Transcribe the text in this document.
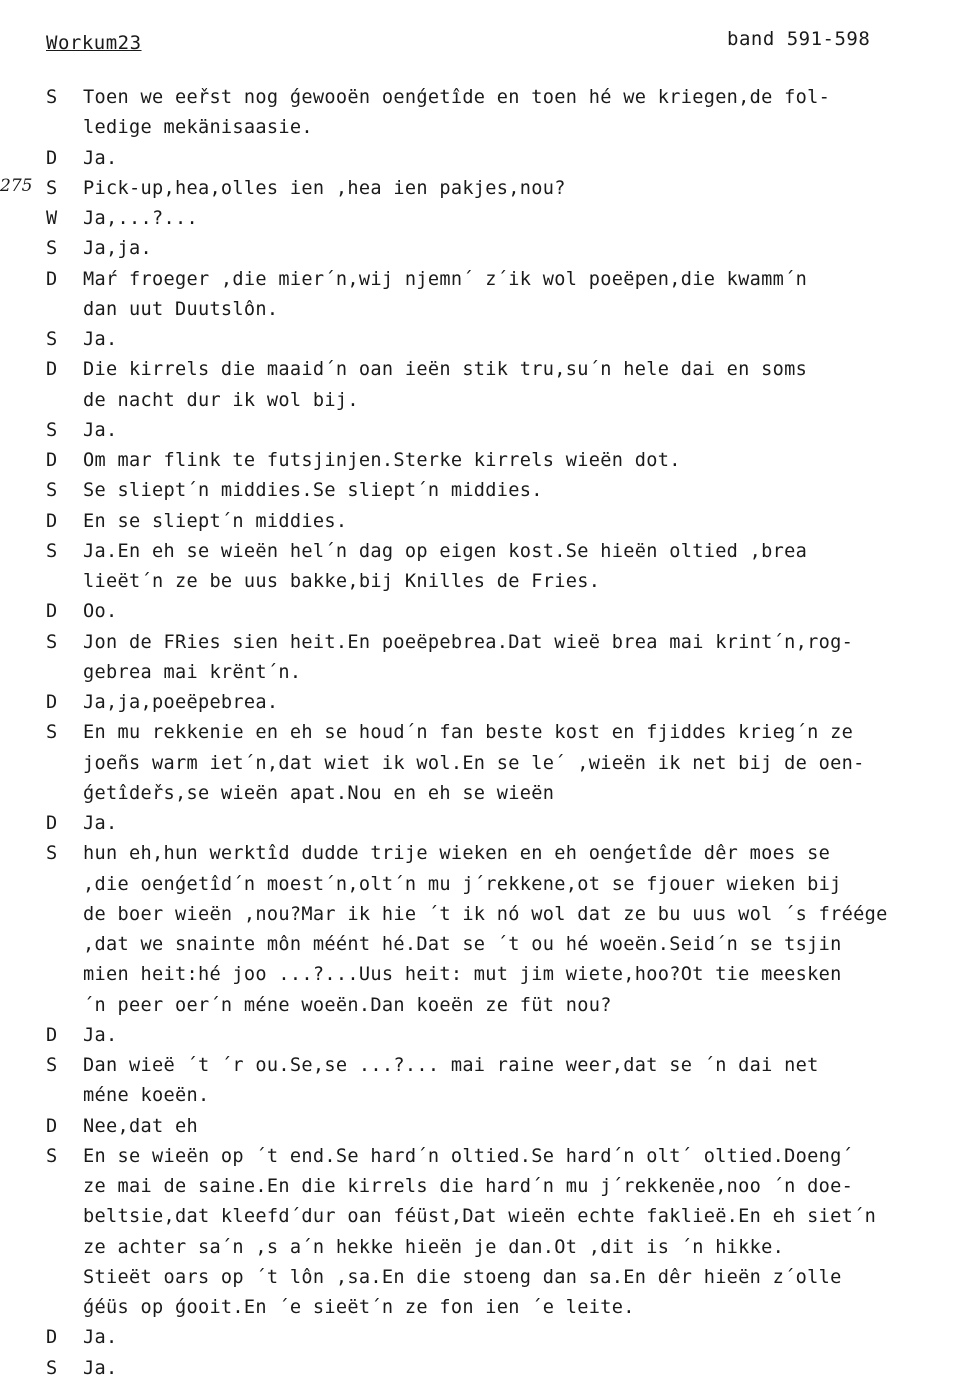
Workum23	band 591-598
275
S	Toen we eeřst nog ǵewooën oenǵetîde en toen hé we kriegen,de fol-
ledige mekänisaasie.
D	Ja.
S	Pick-up,hea,olles ien ,hea ien pakjes,nou?
W	Ja,...?...
S	Ja,ja.
D	Maŕ froeger ,die mier´n,wij njemn´ z´ik wol poeëpen,die kwamm´n
dan uut Duutslôn.
S	Ja.
D	Die kirrels die maaid´n oan ieën stik tru,su´n hele dai en soms
de nacht dur ik wol bij.
S	Ja.
D	Om mar flink te futsjinjen.Sterke kirrels wieën dot.
S	Se sliept´n middies.Se sliept´n middies.
D	En se sliept´n middies.
S	Ja.En eh se wieën hel´n dag op eigen kost.Se hieën oltied ,brea
lieët´n ze be uus bakke,bij Knilles de Fries.
D	Oo.
S	Jon de FRies sien heit.En poeëpebrea.Dat wieë brea mai krint´n,rog-
gebrea mai krënt´n.
D	Ja,ja,poeëpebrea.
S	En mu rekkenie en eh se houd´n fan beste kost en fjiddes krieg´n ze
joeñs warm iet´n,dat wiet ik wol.En se le´ ,wieën ik net bij de oen-
ǵetîdeřs,se wieën apat.Nou en eh se wieën
D	Ja.
S	hun eh,hun werktîd dudde trije wieken en eh oenǵetîde dêr moes se
,die oenǵetîd´n moest´n,olt´n mu j´rekkene,ot se fjouer wieken bij
de boer wieën ,nou?Mar ik hie ´t ik nó wol dat ze bu uus wol ´s fréége
,dat we snainte môn méént hé.Dat se ´t ou hé woeën.Seid´n se tsjin
mien heit:hé joo ...?...Uus heit: mut jim wiete,hoo?Ot tie meesken
´n peer oer´n méne woeën.Dan koeën ze füt nou?
D	Ja.
S	Dan wieë ´t ´r ou.Se,se ...?... mai raine weer,dat se ´n dai net
méne koeën.
D	Nee,dat eh
S	En se wieën op ´t end.Se hard´n oltied.Se hard´n olt´ oltied.Doeng´
ze mai de saine.En die kirrels die hard´n mu j´rekkenëe,noo ´n doe-
beltsie,dat kleefd´dur oan féüst,Dat wieën echte faklieë.En eh siet´n
ze achter sa´n ,s a´n hekke hieën je dan.Ot ,dit is ´n hikke.
Stieët oars op ´t lôn ,sa.En die stoeng dan sa.En dêr hieën z´olle
ǵéüs op ǵooit.En ´e sieët´n ze fon ien ´e leite.
D	Ja.
S	Ja.
